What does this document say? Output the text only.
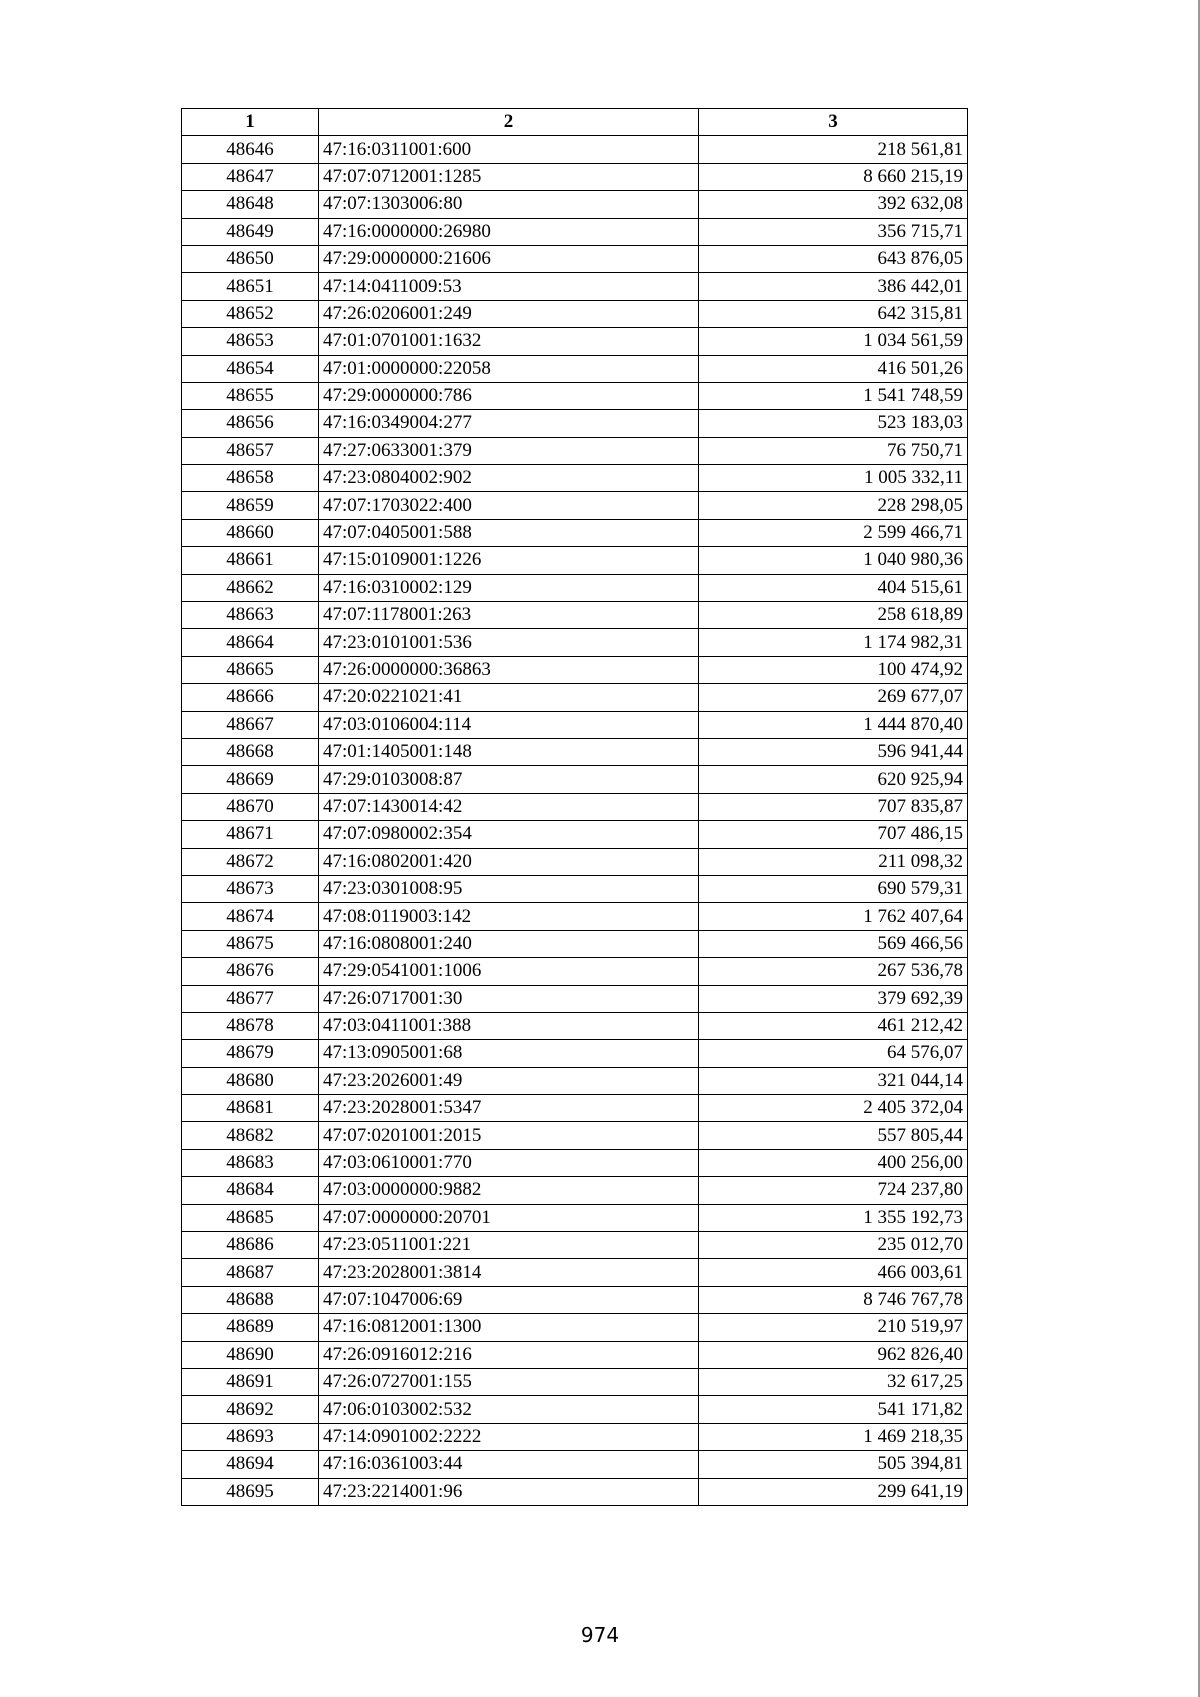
1	2	3
48646	47:16:0311001:600	218 561,81
48647	47:07:0712001:1285	8 660 215,19
48648	47:07:1303006:80	392 632,08
48649	47:16:0000000:26980	356 715,71
48650	47:29:0000000:21606	643 876,05
48651	47:14:0411009:53	386 442,01
48652	47:26:0206001:249	642 315,81
48653	47:01:0701001:1632	1 034 561,59
48654	47:01:0000000:22058	416 501,26
48655	47:29:0000000:786	1 541 748,59
48656	47:16:0349004:277	523 183,03
48657	47:27:0633001:379	76 750,71
48658	47:23:0804002:902	1 005 332,11
48659	47:07:1703022:400	228 298,05
48660	47:07:0405001:588	2 599 466,71
48661	47:15:0109001:1226	1 040 980,36
48662	47:16:0310002:129	404 515,61
48663	47:07:1178001:263	258 618,89
48664	47:23:0101001:536	1 174 982,31
48665	47:26:0000000:36863	100 474,92
48666	47:20:0221021:41	269 677,07
48667	47:03:0106004:114	1 444 870,40
48668	47:01:1405001:148	596 941,44
48669	47:29:0103008:87	620 925,94
48670	47:07:1430014:42	707 835,87
48671	47:07:0980002:354	707 486,15
48672	47:16:0802001:420	211 098,32
48673	47:23:0301008:95	690 579,31
48674	47:08:0119003:142	1 762 407,64
48675	47:16:0808001:240	569 466,56
48676	47:29:0541001:1006	267 536,78
48677	47:26:0717001:30	379 692,39
48678	47:03:0411001:388	461 212,42
48679	47:13:0905001:68	64 576,07
48680	47:23:2026001:49	321 044,14
48681	47:23:2028001:5347	2 405 372,04
48682	47:07:0201001:2015	557 805,44
48683	47:03:0610001:770	400 256,00
48684	47:03:0000000:9882	724 237,80
48685	47:07:0000000:20701	1 355 192,73
48686	47:23:0511001:221	235 012,70
48687	47:23:2028001:3814	466 003,61
48688	47:07:1047006:69	8 746 767,78
48689	47:16:0812001:1300	210 519,97
48690	47:26:0916012:216	962 826,40
48691	47:26:0727001:155	32 617,25
48692	47:06:0103002:532	541 171,82
48693	47:14:0901002:2222	1 469 218,35
48694	47:16:0361003:44	505 394,81
48695	47:23:2214001:96	299 641,19
974
